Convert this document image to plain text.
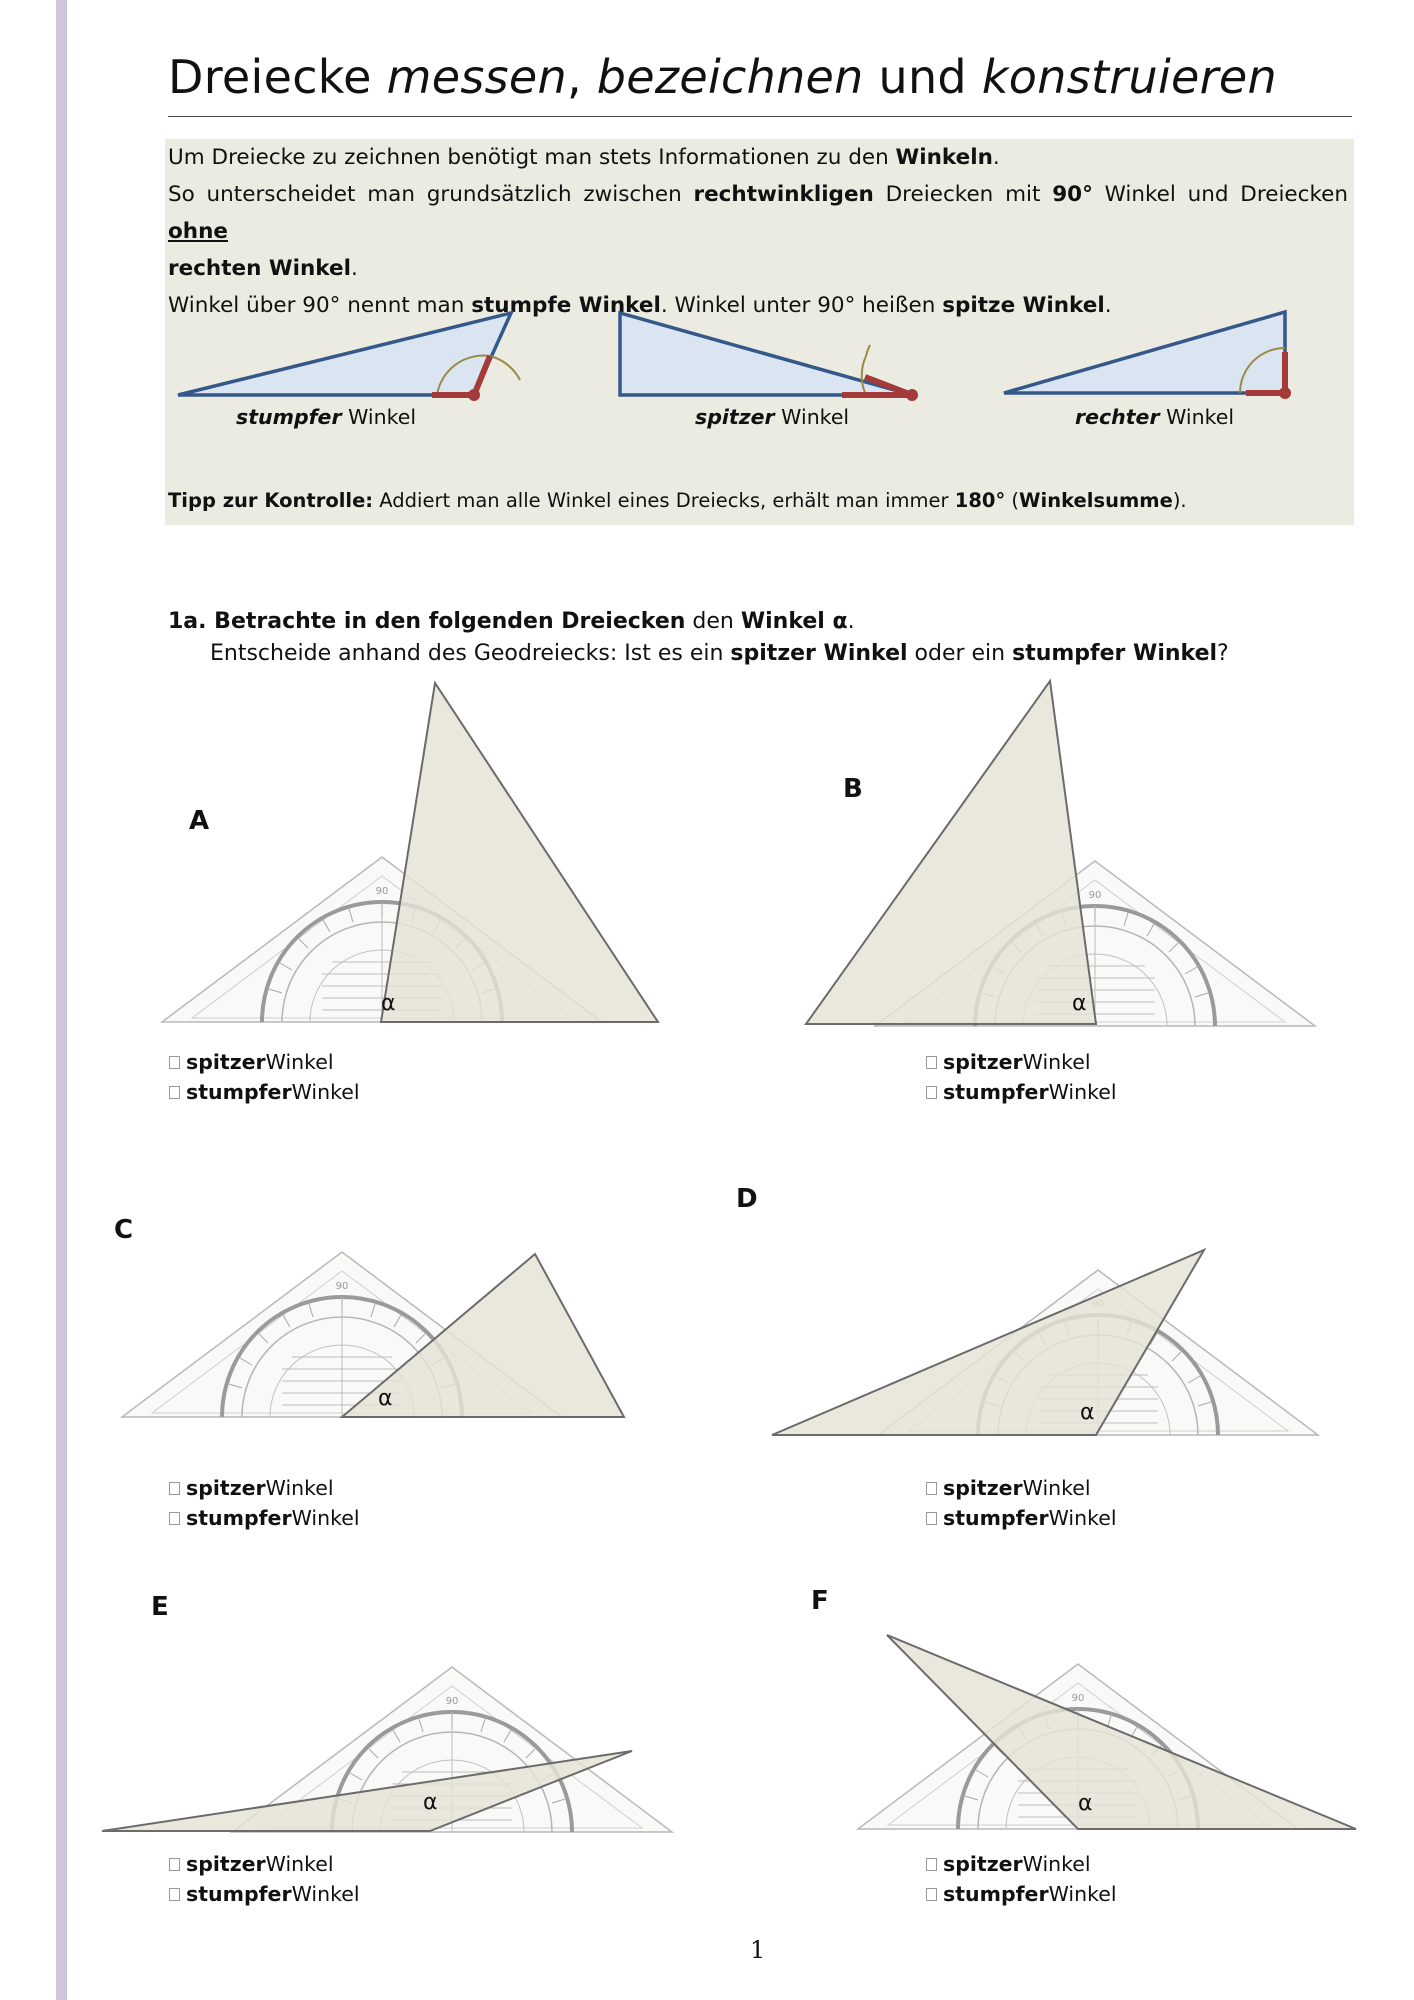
Dreiecke messen, bezeichnen und konstruieren

Um Dreiecke zu zeichnen benötigt man stets Informationen zu den Winkeln.

So unterscheidet man grundsätzlich zwischen rechtwinkligen Dreiecken mit 90° Winkel und Dreiecken ohne

rechten Winkel.

Winkel über 90° nennt man stumpfe Winkel. Winkel unter 90° heißen spitze Winkel.

stumpfer Winkel	spitzer Winkel	rechter Winkel
Tipp zur Kontrolle: Addiert man alle Winkel eines Dreiecks, erhält man immer 180° (Winkelsumme).
1a. Betrachte in den folgenden Dreiecken den Winkel α.
Entscheide anhand des Geodreiecks: Ist es ein spitzer Winkel oder ein stumpfer Winkel?
A
B
C
D
E	F
α	α
α
α
α	α
spitzer Winkel
stumpfer Winkel
spitzer Winkel
stumpfer Winkel
spitzer Winkel
stumpfer Winkel
spitzer Winkel
stumpfer Winkel
spitzer Winkel
stumpfer Winkel
spitzer Winkel
stumpfer Winkel
1
